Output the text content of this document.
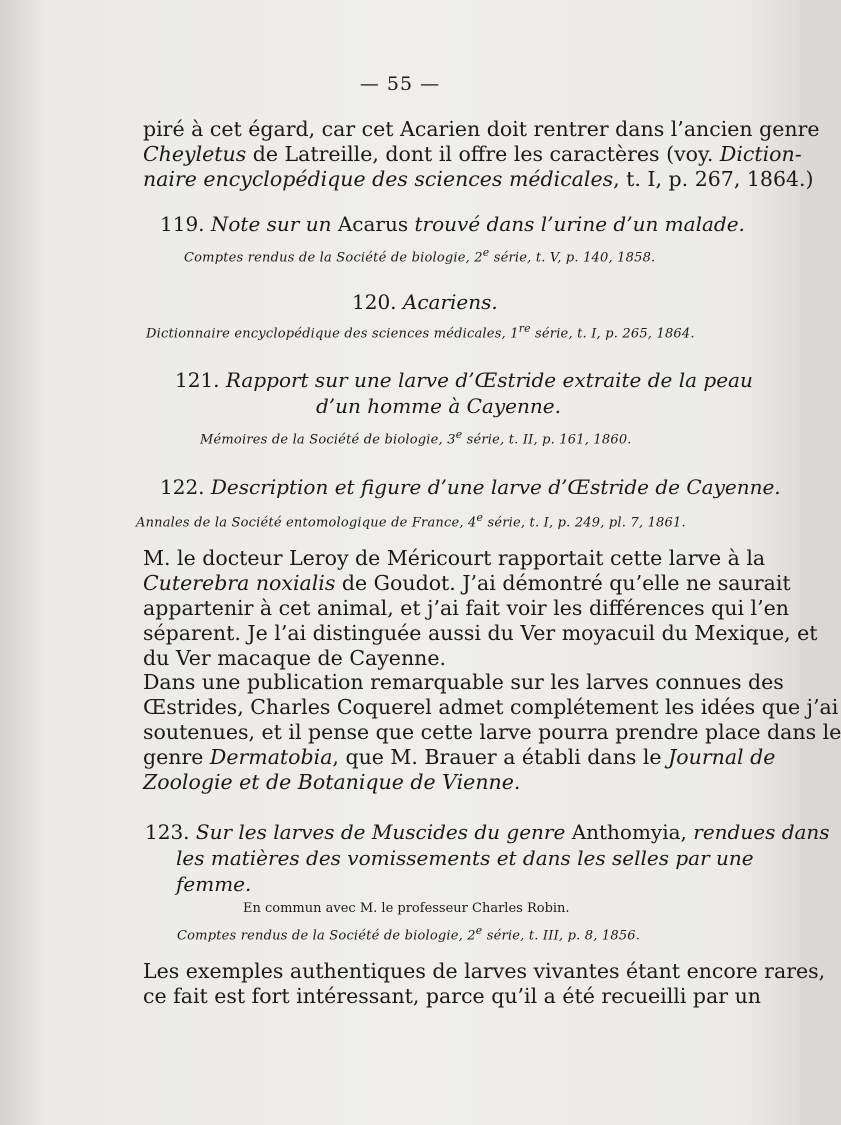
— 55 —
piré à cet égard, car cet Acarien doit rentrer dans l’ancien genre
Cheyletus de Latreille, dont il offre les caractères (voy. Diction-
naire encyclopédique des sciences médicales, t. I, p. 267, 1864.)
119. Note sur un Acarus trouvé dans l’urine d’un malade.
Comptes rendus de la Société de biologie, 2e série, t. V, p. 140, 1858.
120. Acariens.
Dictionnaire encyclopédique des sciences médicales, 1re série, t. I, p. 265, 1864.
121. Rapport sur une larve d’Œstride extraite de la peau
d’un homme à Cayenne.
Mémoires de la Société de biologie, 3e série, t. II, p. 161, 1860.
122. Description et figure d’une larve d’Œstride de Cayenne.
Annales de la Société entomologique de France, 4e série, t. I, p. 249, pl. 7, 1861.
M. le docteur Leroy de Méricourt rapportait cette larve à la
Cuterebra noxialis de Goudot. J’ai démontré qu’elle ne saurait
appartenir à cet animal, et j’ai fait voir les différences qui l’en
séparent. Je l’ai distinguée aussi du Ver moyacuil du Mexique, et
du Ver macaque de Cayenne.
Dans une publication remarquable sur les larves connues des
Œstrides, Charles Coquerel admet complétement les idées que j’ai
soutenues, et il pense que cette larve pourra prendre place dans le
genre Dermatobia, que M. Brauer a établi dans le Journal de
Zoologie et de Botanique de Vienne.
123. Sur les larves de Muscides du genre Anthomyia, rendues dans
les matières des vomissements et dans les selles par une
femme.
En commun avec M. le professeur Charles Robin.
Comptes rendus de la Société de biologie, 2e série, t. III, p. 8, 1856.
Les exemples authentiques de larves vivantes étant encore rares,
ce fait est fort intéressant, parce qu’il a été recueilli par un
